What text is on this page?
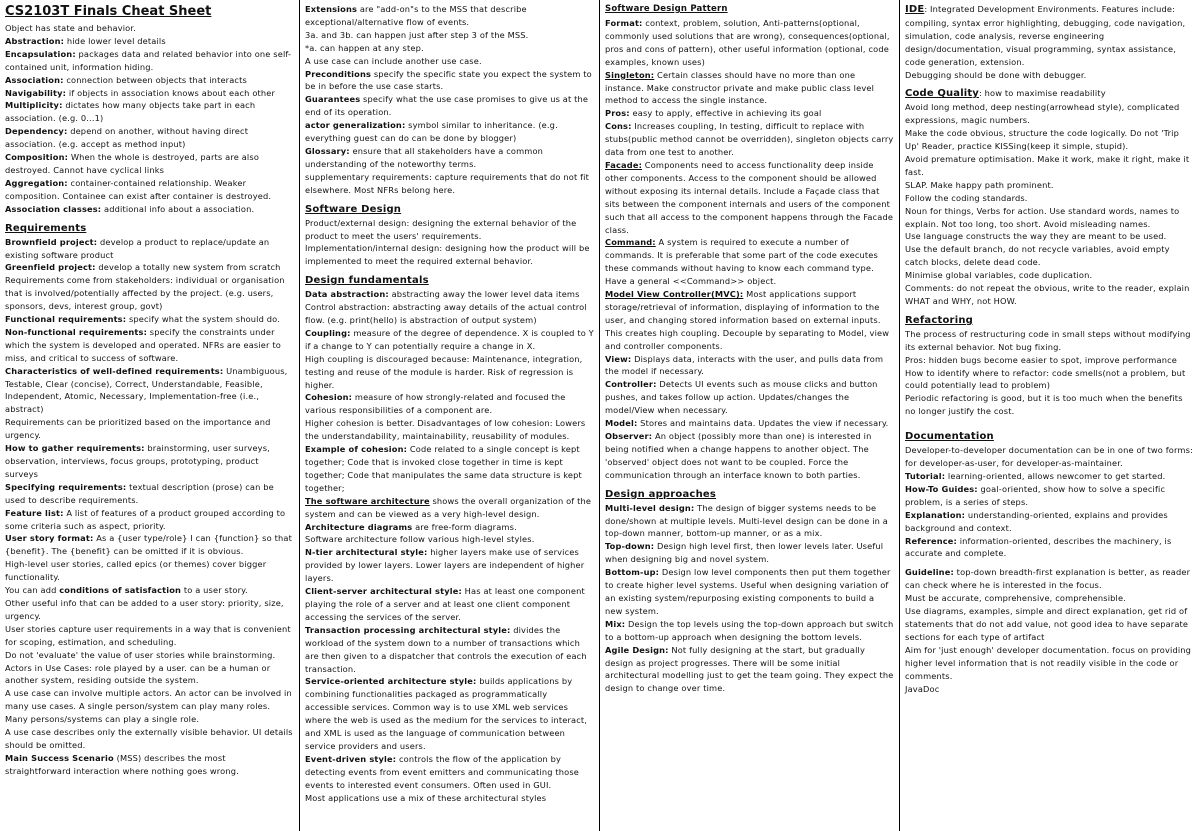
CS2103T Finals Cheat Sheet

Object has state and behavior.

Abstraction: hide lower level details

Encapsulation: packages data and related behavior into one self-contained unit, information hiding.

Association: connection between objects that interacts

Navigability: if objects in association knows about each other

Multiplicity: dictates how many objects take part in each association. (e.g. 0...1)

Dependency: depend on another, without having direct association. (e.g. accept as method input)

Composition: When the whole is destroyed, parts are also destroyed. Cannot have cyclical links

Aggregation: container-contained relationship. Weaker composition. Containee can exist after container is destroyed.

Association classes: additional info about a association.

Requirements

Brownfield project: develop a product to replace/update an existing software product

Greenfield project: develop a totally new system from scratch

Requirements come from stakeholders: individual or organisation that is involved/potentially affected by the project. (e.g. users, sponsors, devs, interest group, govt)

Functional requirements: specify what the system should do.

Non-functional requirements: specify the constraints under which the system is developed and operated. NFRs are easier to miss, and critical to success of software.

Characteristics of well-defined requirements: Unambiguous, Testable, Clear (concise), Correct, Understandable, Feasible, Independent, Atomic, Necessary, Implementation-free (i.e., abstract)

Requirements can be prioritized based on the importance and urgency.

How to gather requirements: brainstorming, user surveys, observation, interviews, focus groups, prototyping, product surveys

Specifying requirements: textual description (prose) can be used to describe requirements.

Feature list: A list of features of a product grouped according to some criteria such as aspect, priority.

User story format: As a {user type/role} I can {function} so that {benefit}. The {benefit} can be omitted if it is obvious.

High-level user stories, called epics (or themes) cover bigger functionality.

You can add conditions of satisfaction to a user story.

Other useful info that can be added to a user story: priority, size, urgency.

User stories capture user requirements in a way that is convenient for scoping, estimation, and scheduling.

Do not 'evaluate' the value of user stories while brainstorming.

Actors in Use Cases: role played by a user. can be a human or another system, residing outside the system.

A use case can involve multiple actors. An actor can be involved in many use cases. A single person/system can play many roles. Many persons/systems can play a single role.

A use case describes only the externally visible behavior. UI details should be omitted.

Main Success Scenario (MSS) describes the most straightforward interaction where nothing goes wrong.

Extensions are "add-on"s to the MSS that describe exceptional/alternative flow of events.

3a. and 3b. can happen just after step 3 of the MSS.

*a. can happen at any step.

A use case can include another use case.

Preconditions specify the specific state you expect the system to be in before the use case starts.

Guarantees specify what the use case promises to give us at the end of its operation.

actor generalization: symbol similar to inheritance. (e.g. everything guest can do can be done by blogger)

Glossary: ensure that all stakeholders have a common understanding of the noteworthy terms.

supplementary requirements: capture requirements that do not fit elsewhere. Most NFRs belong here.

Software Design

Product/external design: designing the external behavior of the product to meet the users' requirements.

Implementation/internal design: designing how the product will be implemented to meet the required external behavior.

Design fundamentals

Data abstraction: abstracting away the lower level data items

Control abstraction: abstracting away details of the actual control flow. (e.g. print(hello) is abstraction of output system)

Coupling: measure of the degree of dependence. X is coupled to Y if a change to Y can potentially require a change in X.

High coupling is discouraged because: Maintenance, integration, testing and reuse of the module is harder. Risk of regression is higher.

Cohesion: measure of how strongly-related and focused the various responsibilities of a component are.

Higher cohesion is better. Disadvantages of low cohesion: Lowers the understandability, maintainability, reusability of modules.

Example of cohesion: Code related to a single concept is kept together; Code that is invoked close together in time is kept together; Code that manipulates the same data structure is kept together;

The software architecture shows the overall organization of the system and can be viewed as a very high-level design.

Architecture diagrams are free-form diagrams.

Software architecture follow various high-level styles.

N-tier architectural style: higher layers make use of services provided by lower layers. Lower layers are independent of higher layers.

Client-server architectural style: Has at least one component playing the role of a server and at least one client component accessing the services of the server.

Transaction processing architectural style: divides the workload of the system down to a number of transactions which are then given to a dispatcher that controls the execution of each transaction.

Service-oriented architecture style: builds applications by combining functionalities packaged as programmatically accessible services. Common way is to use XML web services where the web is used as the medium for the services to interact, and XML is used as the language of communication between service providers and users.

Event-driven style: controls the flow of the application by detecting events from event emitters and communicating those events to interested event consumers. Often used in GUI.

Most applications use a mix of these architectural styles

Software Design Pattern

Format: context, problem, solution, Anti-patterns(optional, commonly used solutions that are wrong), consequences(optional, pros and cons of pattern), other useful information (optional, code examples, known uses)

Singleton: Certain classes should have no more than one instance. Make constructor private and make public class level method to access the single instance.

Pros: easy to apply, effective in achieving its goal

Cons: Increases coupling, In testing, difficult to replace with stubs(public method cannot be overridden), singleton objects carry data from one test to another.

Facade: Components need to access functionality deep inside other components. Access to the component should be allowed without exposing its internal details. Include a Façade class that sits between the component internals and users of the component such that all access to the component happens through the Facade class.

Command: A system is required to execute a number of commands. It is preferable that some part of the code executes these commands without having to know each command type. Have a general <<Command>> object.

Model View Controller(MVC): Most applications support storage/retrieval of information, displaying of information to the user, and changing stored information based on external inputs. This creates high coupling. Decouple by separating to Model, view and controller components.

View: Displays data, interacts with the user, and pulls data from the model if necessary.

Controller: Detects UI events such as mouse clicks and button pushes, and takes follow up action. Updates/changes the model/View when necessary.

Model: Stores and maintains data. Updates the view if necessary.

Observer: An object (possibly more than one) is interested in being notified when a change happens to another object. The 'observed' object does not want to be coupled. Force the communication through an interface known to both parties.

Design approaches

Multi-level design: The design of bigger systems needs to be done/shown at multiple levels. Multi-level design can be done in a top-down manner, bottom-up manner, or as a mix.

Top-down: Design high level first, then lower levels later. Useful when designing big and novel system.

Bottom-up: Design low level components then put them together to create higher level systems. Useful when designing variation of an existing system/repurposing existing components to build a new system.

Mix: Design the top levels using the top-down approach but switch to a bottom-up approach when designing the bottom levels.

Agile Design: Not fully designing at the start, but gradually design as project progresses. There will be some initial architectural modelling just to get the team going. They expect the design to change over time.

IDE: Integrated Development Environments. Features include: compiling, syntax error highlighting, debugging, code navigation, simulation, code analysis, reverse engineering design/documentation, visual programming, syntax assistance, code generation, extension.

Debugging should be done with debugger.

Code Quality: how to maximise readability

Avoid long method, deep nesting(arrowhead style), complicated expressions, magic numbers.

Make the code obvious, structure the code logically. Do not 'Trip Up' Reader, practice KISSing(keep it simple, stupid).

Avoid premature optimisation. Make it work, make it right, make it fast.

SLAP. Make happy path prominent.

Follow the coding standards.

Noun for things, Verbs for action. Use standard words, names to explain. Not too long, too short. Avoid misleading names.

Use language constructs the way they are meant to be used.

Use the default branch, do not recycle variables, avoid empty catch blocks, delete dead code.

Minimise global variables, code duplication.

Comments: do not repeat the obvious, write to the reader, explain WHAT and WHY, not HOW.

Refactoring

The process of restructuring code in small steps without modifying its external behavior. Not bug fixing.

Pros: hidden bugs become easier to spot, improve performance

How to identify where to refactor: code smells(not a problem, but could potentially lead to problem)

Periodic refactoring is good, but it is too much when the benefits no longer justify the cost.

Documentation

Developer-to-developer documentation can be in one of two forms: for developer-as-user, for developer-as-maintainer.

Tutorial: learning-oriented, allows newcomer to get started.

How-To Guides: goal-oriented, show how to solve a specific problem, is a series of steps.

Explanation: understanding-oriented, explains and provides background and context.

Reference: information-oriented, describes the machinery, is accurate and complete.

Guideline: top-down breadth-first explanation is better, as reader can check where he is interested in the focus.

Must be accurate, comprehensive, comprehensible.

Use diagrams, examples, simple and direct explanation, get rid of statements that do not add value, not good idea to have separate sections for each type of artifact

Aim for 'just enough' developer documentation. focus on providing higher level information that is not readily visible in the code or comments.

JavaDoc
